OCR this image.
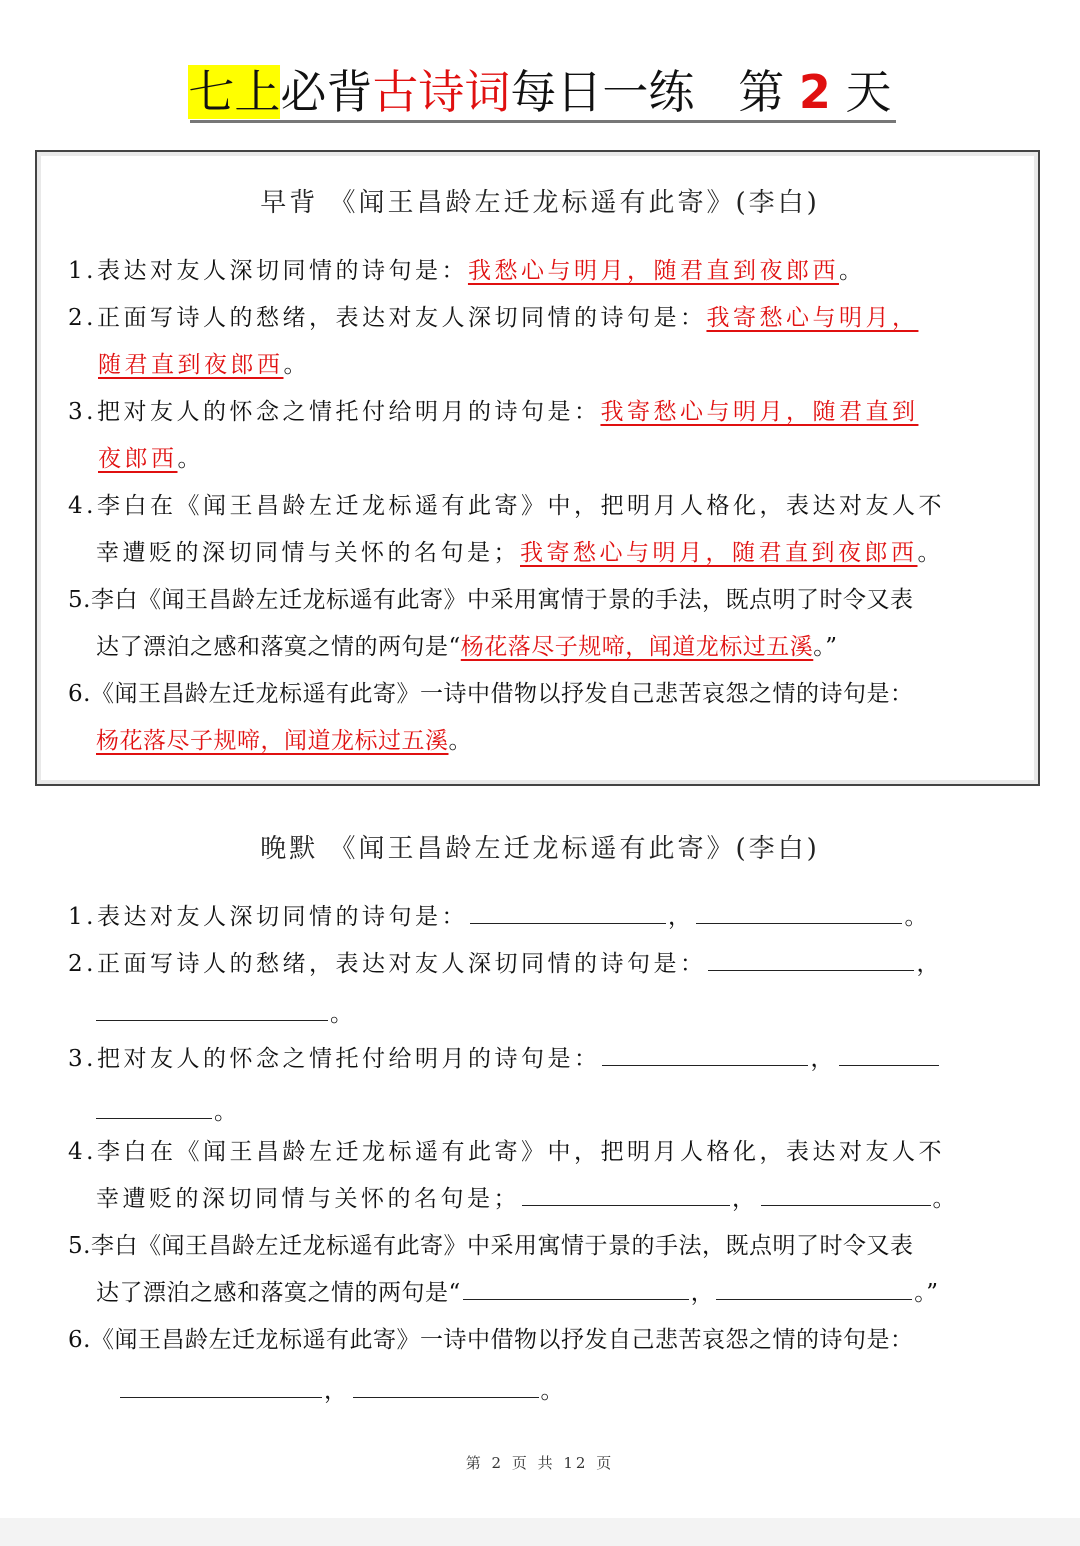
七上必背古诗词每日一练 第 2 天
早背 《闻王昌龄左迁龙标遥有此寄》(李白)
1.表达对友人深切同情的诗句是：我愁心与明月，随君直到夜郎西。
2.正面写诗人的愁绪，表达对友人深切同情的诗句是：我寄愁心与明月，
随君直到夜郎西。
3.把对友人的怀念之情托付给明月的诗句是：我寄愁心与明月，随君直到
夜郎西。
4.李白在《闻王昌龄左迁龙标遥有此寄》中，把明月人格化，表达对友人不
幸遭贬的深切同情与关怀的名句是；我寄愁心与明月，随君直到夜郎西。
5.李白《闻王昌龄左迁龙标遥有此寄》中采用寓情于景的手法，既点明了时令又表
达了漂泊之感和落寞之情的两句是“杨花落尽子规啼，闻道龙标过五溪。”
6.《闻王昌龄左迁龙标遥有此寄》一诗中借物以抒发自己悲苦哀怨之情的诗句是：
杨花落尽子规啼，闻道龙标过五溪。
晚默 《闻王昌龄左迁龙标遥有此寄》(李白)
1.表达对友人深切同情的诗句是：	，	。
2.正面写诗人的愁绪，表达对友人深切同情的诗句是：	，
。
3.把对友人的怀念之情托付给明月的诗句是：	，
。
4.李白在《闻王昌龄左迁龙标遥有此寄》中，把明月人格化，表达对友人不
幸遭贬的深切同情与关怀的名句是；	，	。
5.李白《闻王昌龄左迁龙标遥有此寄》中采用寓情于景的手法，既点明了时令又表
达了漂泊之感和落寞之情的两句是“	，	。”
6.《闻王昌龄左迁龙标遥有此寄》一诗中借物以抒发自己悲苦哀怨之情的诗句是：
，	。
第 2 页 共 12 页
